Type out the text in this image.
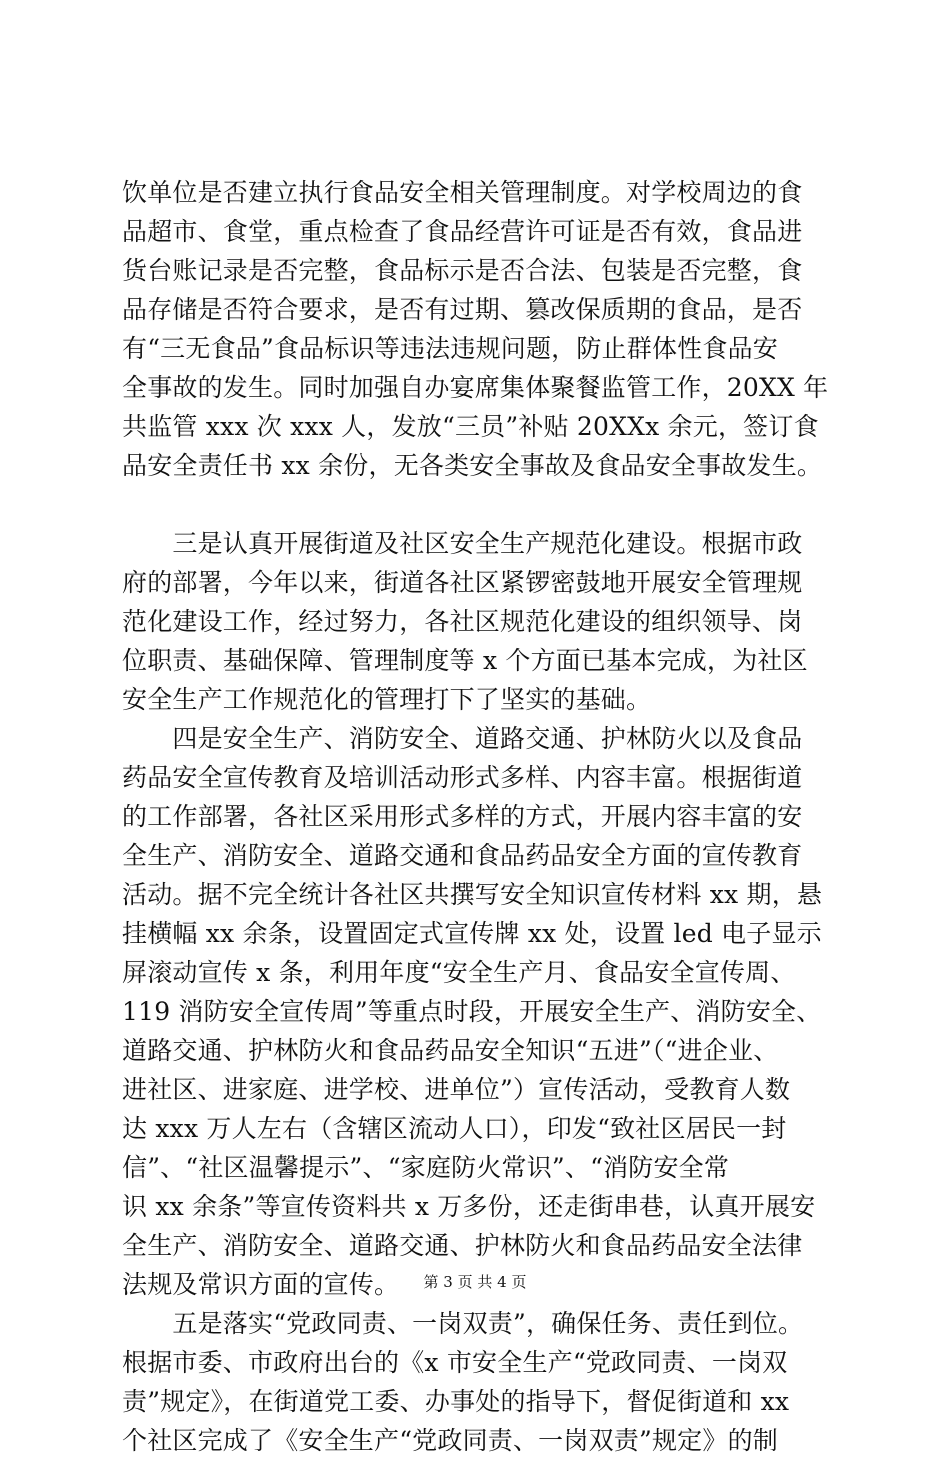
饮单位是否建立执行食品安全相关管理制度。对学校周边的食
品超市、食堂，重点检查了食品经营许可证是否有效，食品进
货台账记录是否完整，食品标示是否合法、包装是否完整，食
品存储是否符合要求，是否有过期、篡改保质期的食品，是否
有“三无食品”食品标识等违法违规问题，防止群体性食品安
全事故的发生。同时加强自办宴席集体聚餐监管工作，20XX 年
共监管 xxx 次 xxx 人，发放“三员”补贴 20XXx 余元，签订食
品安全责任书 xx 余份，无各类安全事故及食品安全事故发生。
　　三是认真开展街道及社区安全生产规范化建设。根据市政
府的部署，今年以来，街道各社区紧锣密鼓地开展安全管理规
范化建设工作，经过努力，各社区规范化建设的组织领导、岗
位职责、基础保障、管理制度等 x 个方面已基本完成，为社区
安全生产工作规范化的管理打下了坚实的基础。
　　四是安全生产、消防安全、道路交通、护林防火以及食品
药品安全宣传教育及培训活动形式多样、内容丰富。根据街道
的工作部署，各社区采用形式多样的方式，开展内容丰富的安
全生产、消防安全、道路交通和食品药品安全方面的宣传教育
活动。据不完全统计各社区共撰写安全知识宣传材料 xx 期，悬
挂横幅 xx 余条，设置固定式宣传牌 xx 处，设置 led 电子显示
屏滚动宣传 x 条，利用年度“安全生产月、食品安全宣传周、
119 消防安全宣传周”等重点时段，开展安全生产、消防安全、
道路交通、护林防火和食品药品安全知识“五进”（“进企业、
进社区、进家庭、进学校、进单位”）宣传活动，受教育人数
达 xxx 万人左右（含辖区流动人口），印发“致社区居民一封
信”、“社区温馨提示”、“家庭防火常识”、“消防安全常
识 xx 余条”等宣传资料共 x 万多份，还走街串巷，认真开展安
全生产、消防安全、道路交通、护林防火和食品药品安全法律
法规及常识方面的宣传。
　　五是落实“党政同责、一岗双责”，确保任务、责任到位。
根据市委、市政府出台的《x 市安全生产“党政同责、一岗双
责”规定》，在街道党工委、办事处的指导下，督促街道和 xx
个社区完成了《安全生产“党政同责、一岗双责”规定》的制
第 3 页 共 4 页
